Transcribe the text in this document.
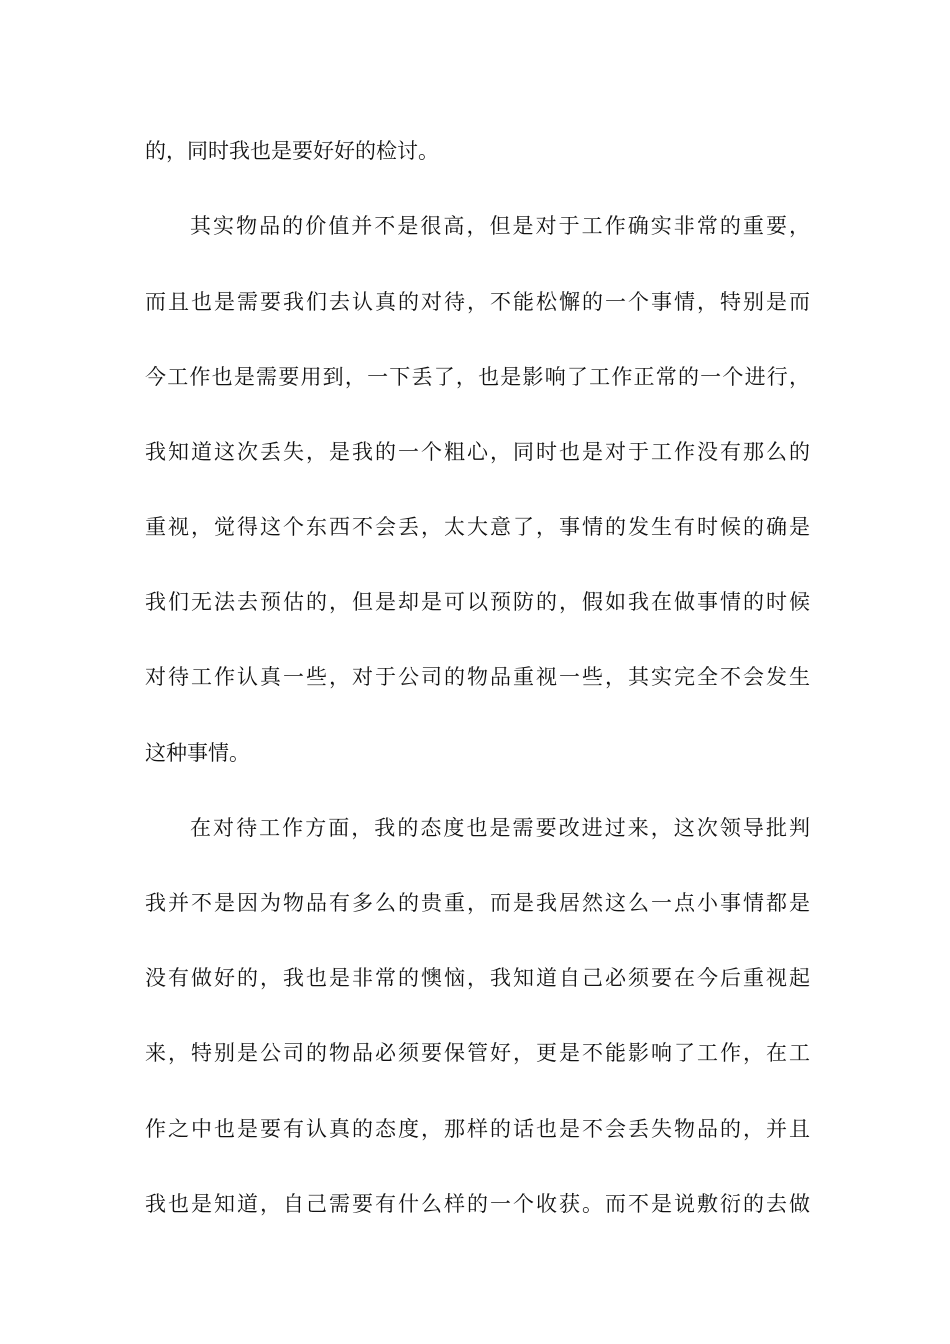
的，同时我也是要好好的检讨。
其实物品的价值并不是很高，但是对于工作确实非常的重要，
而且也是需要我们去认真的对待，不能松懈的一个事情，特别是而
今工作也是需要用到，一下丢了，也是影响了工作正常的一个进行，
我知道这次丢失，是我的一个粗心，同时也是对于工作没有那么的
重视，觉得这个东西不会丢，太大意了，事情的发生有时候的确是
我们无法去预估的，但是却是可以预防的，假如我在做事情的时候
对待工作认真一些，对于公司的物品重视一些，其实完全不会发生
这种事情。
在对待工作方面，我的态度也是需要改进过来，这次领导批判
我并不是因为物品有多么的贵重，而是我居然这么一点小事情都是
没有做好的，我也是非常的懊恼，我知道自己必须要在今后重视起
来，特别是公司的物品必须要保管好，更是不能影响了工作，在工
作之中也是要有认真的态度，那样的话也是不会丢失物品的，并且
我也是知道，自己需要有什么样的一个收获。而不是说敷衍的去做
